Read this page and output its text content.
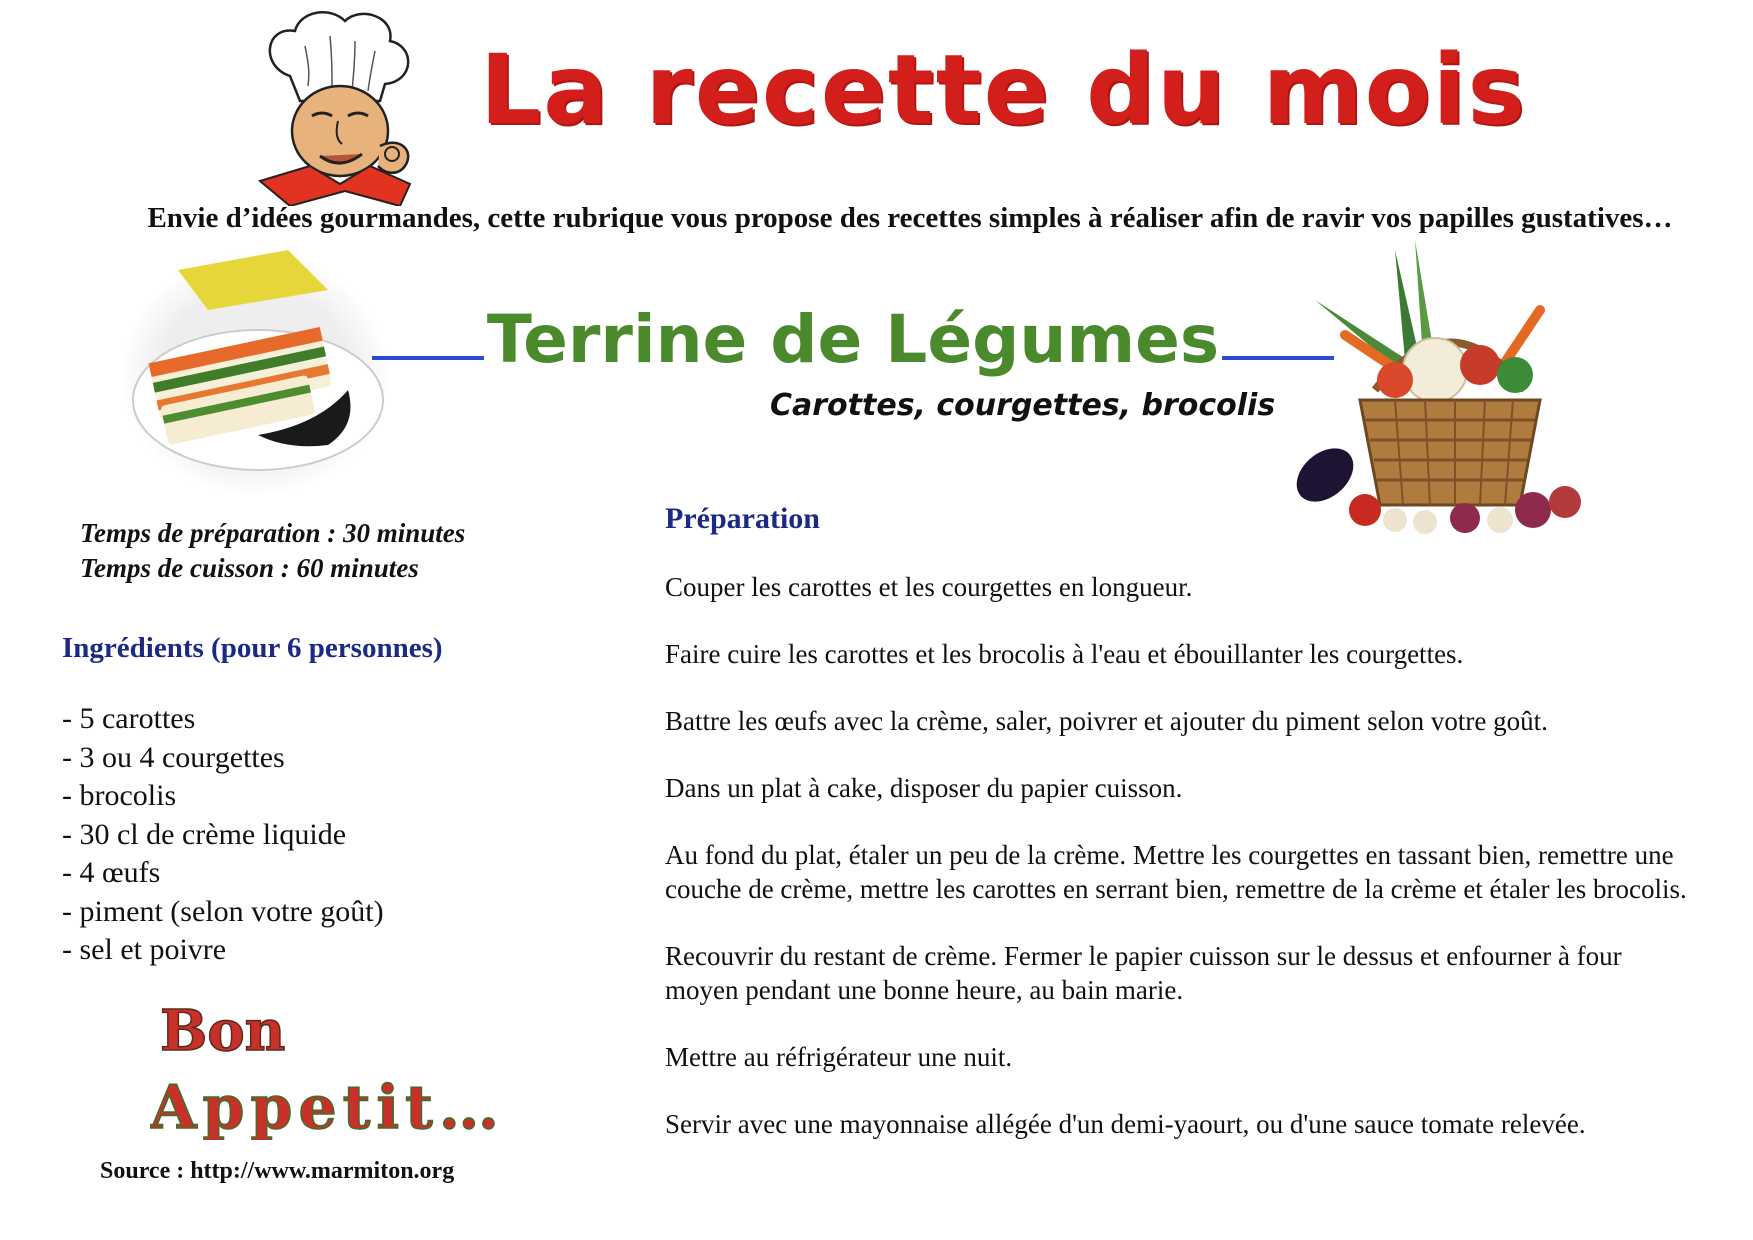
La recette du mois
Envie d’idées gourmandes, cette rubrique vous propose des recettes simples à réaliser afin de ravir vos papilles gustatives…
Terrine de Légumes
Carottes, courgettes, brocolis
Temps de préparation : 30 minutes
Temps de cuisson : 60 minutes
Ingrédients (pour 6 personnes)
- 5 carottes
- 3 ou 4 courgettes
- brocolis
- 30 cl de crème liquide
- 4 œufs
- piment (selon votre goût)
- sel et poivre
Bon
Appetit…
Source : http://www.marmiton.org
Préparation

Couper les carottes et les courgettes en longueur.

Faire cuire les carottes et les brocolis à l'eau et ébouillanter les courgettes.

Battre les œufs avec la crème, saler, poivrer et ajouter du piment selon votre goût.

Dans un plat à cake, disposer du papier cuisson.

Au fond du plat, étaler un peu de la crème. Mettre les courgettes en tassant bien, remettre une couche de crème, mettre les carottes en serrant bien, remettre de la crème et étaler les brocolis.

Recouvrir du restant de crème. Fermer le papier cuisson sur le dessus et enfourner à four moyen pendant une bonne heure, au bain marie.

Mettre au réfrigérateur une nuit.

Servir avec une mayonnaise allégée d'un demi-yaourt, ou d'une sauce tomate relevée.
